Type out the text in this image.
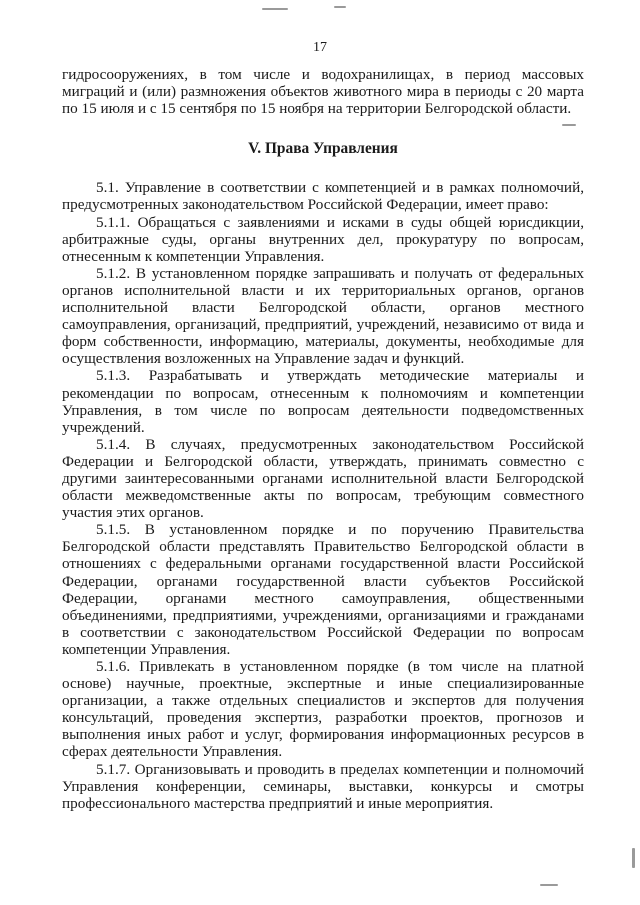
17

гидросооружениях, в том числе и водохранилищах, в период массовых миграций и (или) размножения объектов животного мира в периоды с 20 марта по 15 июля и с 15 сентября по 15 ноября на территории Белгородской области.

V. Права Управления

5.1. Управление в соответствии с компетенцией и в рамках полномочий, предусмотренных законодательством Российской Федерации, имеет право:

5.1.1. Обращаться с заявлениями и исками в суды общей юрисдикции, арбитражные суды, органы внутренних дел, прокуратуру по вопросам, отнесенным к компетенции Управления.

5.1.2. В установленном порядке запрашивать и получать от федеральных органов исполнительной власти и их территориальных органов, органов исполнительной власти Белгородской области, органов местного самоуправления, организаций, предприятий, учреждений, независимо от вида и форм собственности, информацию, материалы, документы, необходимые для осуществления возложенных на Управление задач и функций.

5.1.3. Разрабатывать и утверждать методические материалы и рекомендации по вопросам, отнесенным к полномочиям и компетенции Управления, в том числе по вопросам деятельности подведомственных учреждений.

5.1.4. В случаях, предусмотренных законодательством Российской Федерации и Белгородской области, утверждать, принимать совместно с другими заинтересованными органами исполнительной власти Белгородской области межведомственные акты по вопросам, требующим совместного участия этих органов.

5.1.5. В установленном порядке и по поручению Правительства Белгородской области представлять Правительство Белгородской области в отношениях с федеральными органами государственной власти Российской Федерации, органами государственной власти субъектов Российской Федерации, органами местного самоуправления, общественными объединениями, предприятиями, учреждениями, организациями и гражданами в соответствии с законодательством Российской Федерации по вопросам компетенции Управления.

5.1.6. Привлекать в установленном порядке (в том числе на платной основе) научные, проектные, экспертные и иные специализированные организации, а также отдельных специалистов и экспертов для получения консультаций, проведения экспертиз, разработки проектов, прогнозов и выполнения иных работ и услуг, формирования информационных ресурсов в сферах деятельности Управления.

5.1.7. Организовывать и проводить в пределах компетенции и полномочий Управления конференции, семинары, выставки, конкурсы и смотры профессионального мастерства предприятий и иные мероприятия.
